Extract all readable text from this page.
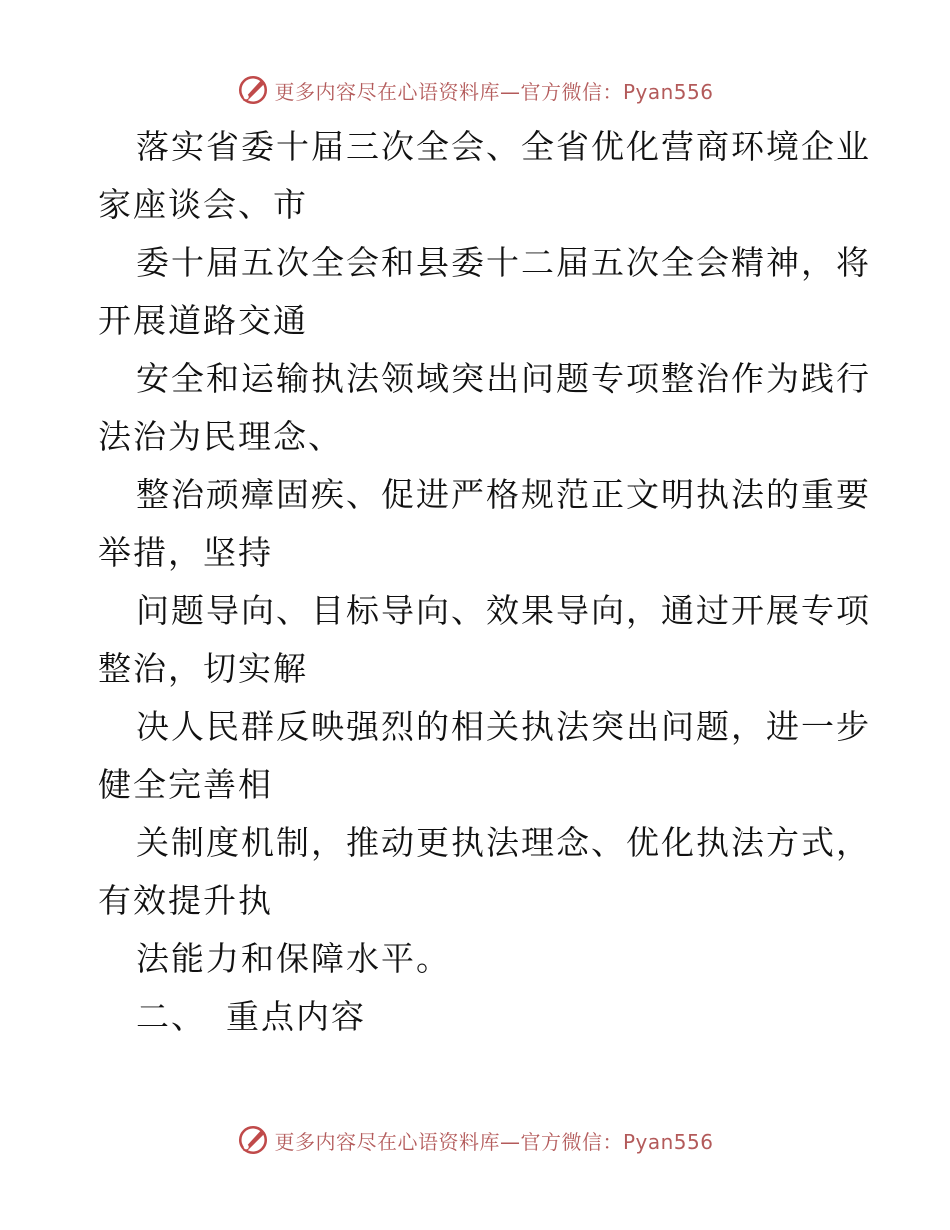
更多内容尽在心语资料库—官方微信：Pyan556
落实省委十届三次全会、全省优化营商环境企业
家座谈会、市
委十届五次全会和县委十二届五次全会精神，将
开展道路交通
安全和运输执法领域突出问题专项整治作为践行
法治为民理念、
整治顽瘴固疾、促进严格规范正文明执法的重要
举措，坚持
问题导向、目标导向、效果导向，通过开展专项
整治，切实解
决人民群反映强烈的相关执法突出问题，进一步
健全完善相
关制度机制，推动更执法理念、优化执法方式，
有效提升执
法能力和保障水平。
二、 重点内容
更多内容尽在心语资料库—官方微信：Pyan556
